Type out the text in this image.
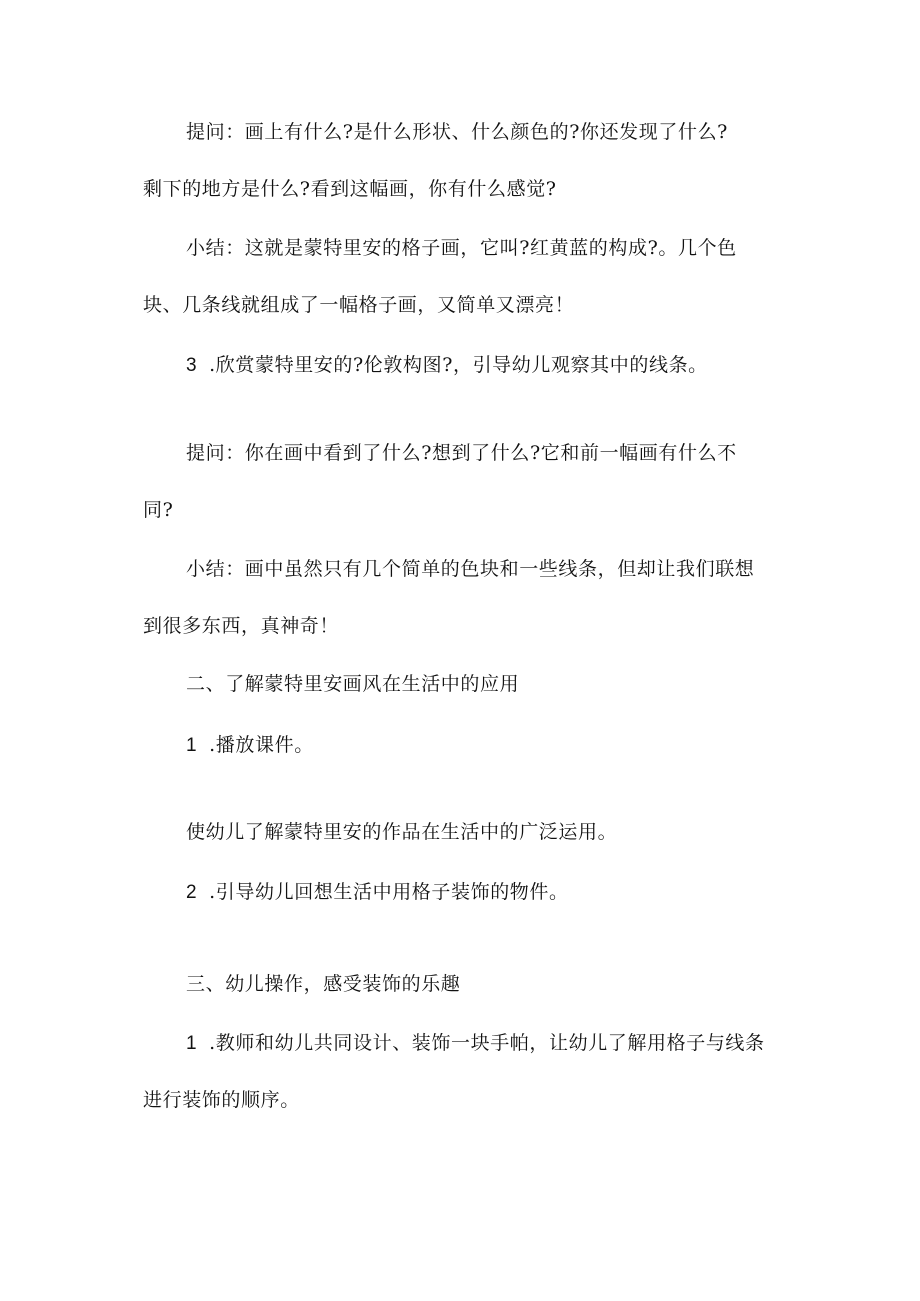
提问：画上有什么?是什么形状、什么颜色的?你还发现了什么?
剩下的地方是什么?看到这幅画，你有什么感觉?
小结：这就是蒙特里安的格子画，它叫?红黄蓝的构成?。几个色
块、几条线就组成了一幅格子画，又简单又漂亮！
3 .欣赏蒙特里安的?伦敦构图?，引导幼儿观察其中的线条。
提问：你在画中看到了什么?想到了什么?它和前一幅画有什么不
同?
小结：画中虽然只有几个简单的色块和一些线条，但却让我们联想
到很多东西，真神奇！
二、了解蒙特里安画风在生活中的应用
1 .播放课件。
使幼儿了解蒙特里安的作品在生活中的广泛运用。
2 .引导幼儿回想生活中用格子装饰的物件。
三、幼儿操作，感受装饰的乐趣
1 .教师和幼儿共同设计、装饰一块手帕，让幼儿了解用格子与线条
进行装饰的顺序。
